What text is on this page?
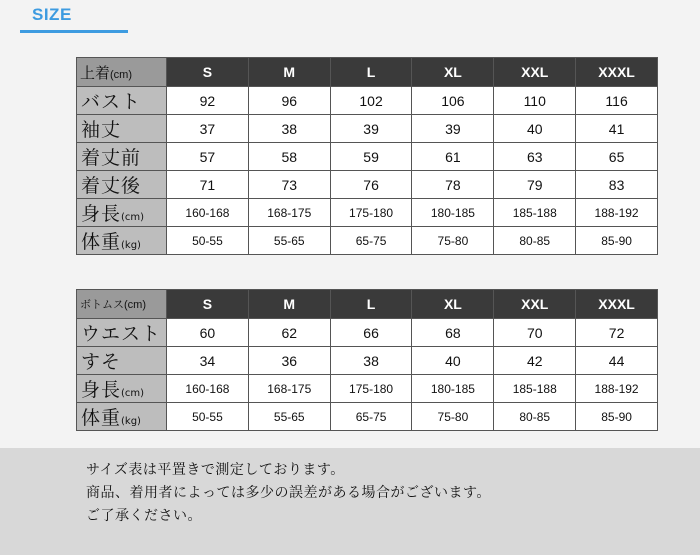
SIZE
上着(cm)	S	M	L	XL	XXL	XXXL
バスト	92	96	102	106	110	116
袖丈	37	38	39	39	40	41
着丈前	57	58	59	61	63	65
着丈後	71	73	76	78	79	83
身長(cm)	160-168	168-175	175-180	180-185	185-188	188-192
体重(kg)	50-55	55-65	65-75	75-80	80-85	85-90
ボトムス(cm)	S	M	L	XL	XXL	XXXL
ウエスト	60	62	66	68	70	72
すそ	34	36	38	40	42	44
身長(cm)	160-168	168-175	175-180	180-185	185-188	188-192
体重(kg)	50-55	55-65	65-75	75-80	80-85	85-90
サイズ表は平置きで測定しております。
商品、着用者によっては多少の誤差がある場合がございます。
ご了承ください。
